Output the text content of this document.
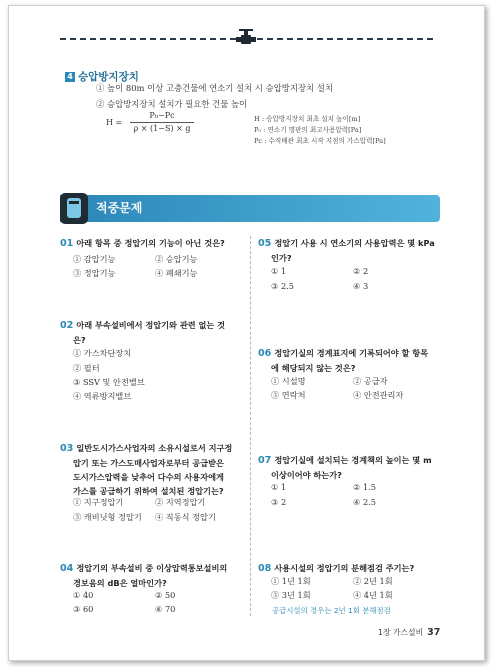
4 승압방지장치
① 높이 80m 이상 고층건물에 연소기 설치 시 승압방지장치 설치
② 승압방지장치 설치가 필요한 건물 높이
H =
P₀−Pc
ρ × (1−S) × g
H : 승압방지장치 최초 설치 높이[m]
P₀ : 연소기 명판의 최고사용압력[Pa]
Pc : 수직배관 최초 시작 지점의 가스압력[Pa]
적중문제
01 아래 항목 중 정압기의 기능이 아닌 것은?
① 감압기능	② 승압기능
③ 정압기능	④ 폐쇄기능
02 아래 부속설비에서 정압기와 관련 없는 것
은?
① 가스차단장치
② 필터
③ SSV 및 안전밸브
④ 역류방지밸브
03 일반도시가스사업자의 소유시설로서 지구정
압기 또는 가스도매사업자로부터 공급받은
도시가스압력을 낮추어 다수의 사용자에게
가스를 공급하기 위하여 설치된 정압기는?
① 지구정압기	② 지역정압기
③ 캐비닛형 정압기 ④ 직동식 정압기
04 정압기의 부속설비 중 이상압력통보설비의
경보음의 dB은 얼마인가?
① 40	② 50
③ 60	④ 70
05 정압기 사용 시 연소기의 사용압력은 몇 kPa
인가?
① 1	② 2
③ 2.5	④ 3
06 정압기실의 경계표지에 기록되어야 할 항목
에 해당되지 않는 것은?
① 시설명	② 공급자
③ 연락처	④ 안전관리자
07 정압기실에 설치되는 경계책의 높이는 몇 m
이상이어야 하는가?
① 1	② 1.5
③ 2	④ 2.5
08 사용시설의 정압기의 분해점검 주기는?
① 1년 1회	② 2년 1회
③ 3년 1회	④ 4년 1회
공급시설의 경우는 2년 1회 분해점검
1장 가스설비 37
